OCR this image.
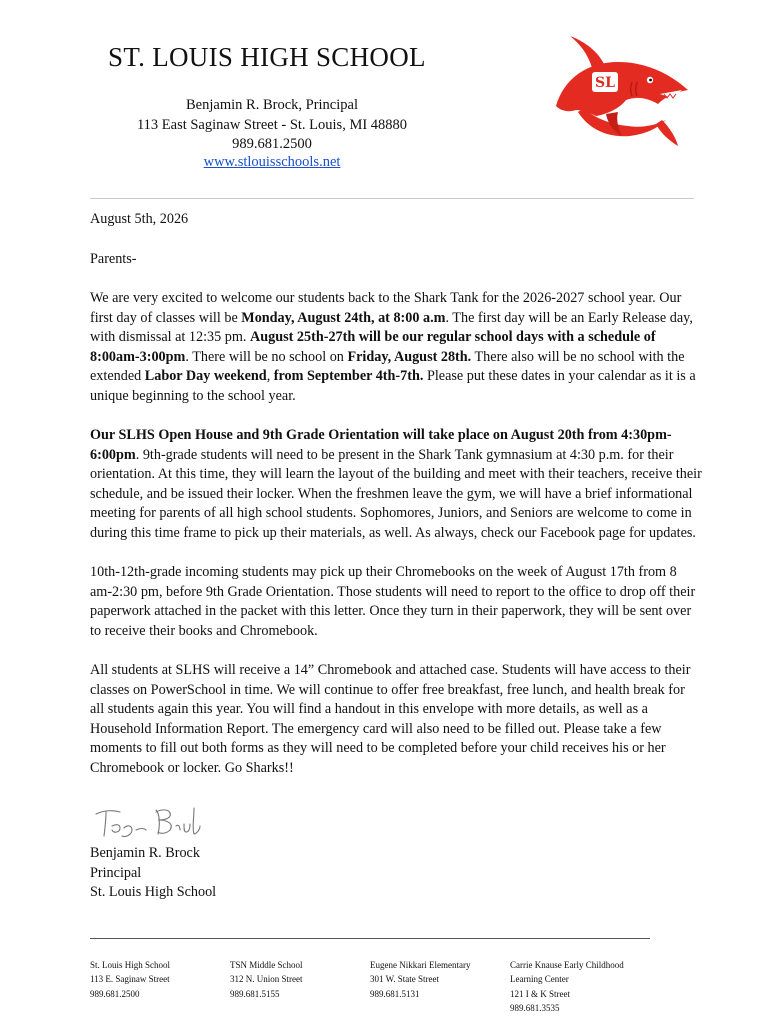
ST. LOUIS HIGH SCHOOL
Benjamin R. Brock, Principal
113 East Saginaw Street - St. Louis, MI 48880
989.681.2500
www.stlouisschools.net
SL

August 5th, 2026

Parents-

We are very excited to welcome our students back to the Shark Tank for the 2026-2027 school year. Our first day of classes will be Monday, August 24th, at 8:00 a.m. The first day will be an Early Release day, with dismissal at 12:35 pm. August 25th-27th will be our regular school days with a schedule of 8:00am-3:00pm. There will be no school on Friday, August 28th. There also will be no school with the extended Labor Day weekend, from September 4th-7th. Please put these dates in your calendar as it is a unique beginning to the school year.

Our SLHS Open House and 9th Grade Orientation will take place on August 20th from 4:30pm-6:00pm. 9th-grade students will need to be present in the Shark Tank gymnasium at 4:30 p.m. for their orientation. At this time, they will learn the layout of the building and meet with their teachers, receive their schedule, and be issued their locker. When the freshmen leave the gym, we will have a brief informational meeting for parents of all high school students. Sophomores, Juniors, and Seniors are welcome to come in during this time frame to pick up their materials, as well. As always, check our Facebook page for updates.

10th-12th-grade incoming students may pick up their Chromebooks on the week of August 17th from 8 am-2:30 pm, before 9th Grade Orientation. Those students will need to report to the office to drop off their paperwork attached in the packet with this letter. Once they turn in their paperwork, they will be sent over to receive their books and Chromebook.

All students at SLHS will receive a 14” Chromebook and attached case. Students will have access to their classes on PowerSchool in time. We will continue to offer free breakfast, free lunch, and health break for all students again this year. You will find a handout in this envelope with more details, as well as a Household Information Report. The emergency card will also need to be filled out. Please take a few moments to fill out both forms as they will need to be completed before your child receives his or her Chromebook or locker. Go Sharks!!

Benjamin R. Brock
Principal
St. Louis High School
St. Louis High School
113 E. Saginaw Street
989.681.2500
TSN Middle School
312 N. Union Street
989.681.5155
Eugene Nikkari Elementary
301 W. State Street
989.681.5131
Carrie Knause Early Childhood
Learning Center
121 I & K Street
989.681.3535
